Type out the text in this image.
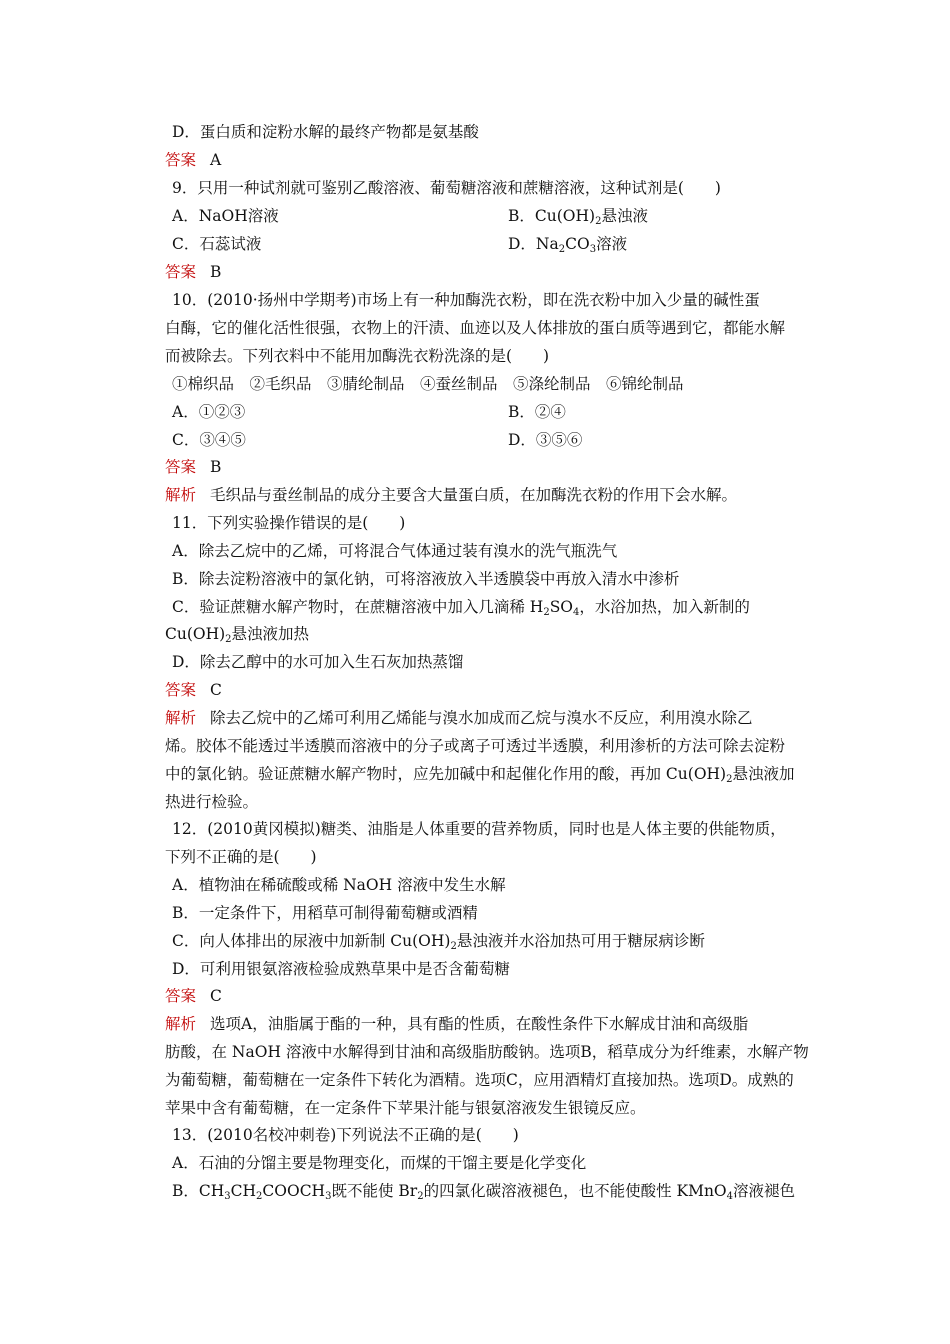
D．蛋白质和淀粉水解的最终产物都是氨基酸
答案 A
9．只用一种试剂就可鉴别乙酸溶液、葡萄糖溶液和蔗糖溶液，这种试剂是(　　)
A．NaOH溶液	B．$Cu(OH)_2$悬浊液
C．石蕊试液	D．$Na_2CO_3$溶液
答案 B
10．(2010·扬州中学期考)市场上有一种加酶洗衣粉，即在洗衣粉中加入少量的碱性蛋
白酶，它的催化活性很强，衣物上的汗渍、血迹以及人体排放的蛋白质等遇到它，都能水解
而被除去。下列衣料中不能用加酶洗衣粉洗涤的是(　　)
①棉织品　②毛织品　③腈纶制品　④蚕丝制品　⑤涤纶制品　⑥锦纶制品
A．①②③	B．②④
C．③④⑤	D．③⑤⑥
答案 B
解析 毛织品与蚕丝制品的成分主要含大量蛋白质，在加酶洗衣粉的作用下会水解。
11．下列实验操作错误的是(　　)
A．除去乙烷中的乙烯，可将混合气体通过装有溴水的洗气瓶洗气
B．除去淀粉溶液中的氯化钠，可将溶液放入半透膜袋中再放入清水中渗析
C．验证蔗糖水解产物时，在蔗糖溶液中加入几滴稀 $H_2SO_4$，水浴加热，加入新制的
$Cu(OH)_2$悬浊液加热
D．除去乙醇中的水可加入生石灰加热蒸馏
答案 C
解析 除去乙烷中的乙烯可利用乙烯能与溴水加成而乙烷与溴水不反应，利用溴水除乙
烯。胶体不能透过半透膜而溶液中的分子或离子可透过半透膜，利用渗析的方法可除去淀粉
中的氯化钠。验证蔗糖水解产物时，应先加碱中和起催化作用的酸，再加 $Cu(OH)_2$悬浊液加
热进行检验。
12．(2010黄冈模拟)糖类、油脂是人体重要的营养物质，同时也是人体主要的供能物质，
下列不正确的是(　　)
A．植物油在稀硫酸或稀 NaOH 溶液中发生水解
B．一定条件下，用稻草可制得葡萄糖或酒精
C．向人体排出的尿液中加新制 $Cu(OH)_2$悬浊液并水浴加热可用于糖尿病诊断
D．可利用银氨溶液检验成熟草果中是否含葡萄糖
答案 C
解析 选项A，油脂属于酯的一种，具有酯的性质，在酸性条件下水解成甘油和高级脂
肪酸，在 NaOH 溶液中水解得到甘油和高级脂肪酸钠。选项B，稻草成分为纤维素，水解产物
为葡萄糖，葡萄糖在一定条件下转化为酒精。选项C，应用酒精灯直接加热。选项D。成熟的
苹果中含有葡萄糖，在一定条件下苹果汁能与银氨溶液发生银镜反应。
13．(2010名校冲刺卷)下列说法不正确的是(　　)
A．石油的分馏主要是物理变化，而煤的干馏主要是化学变化
B．$CH_3CH_2COOCH_3$既不能使 $Br_2$的四氯化碳溶液褪色，也不能使酸性 KMnO$_4$溶液褪色
